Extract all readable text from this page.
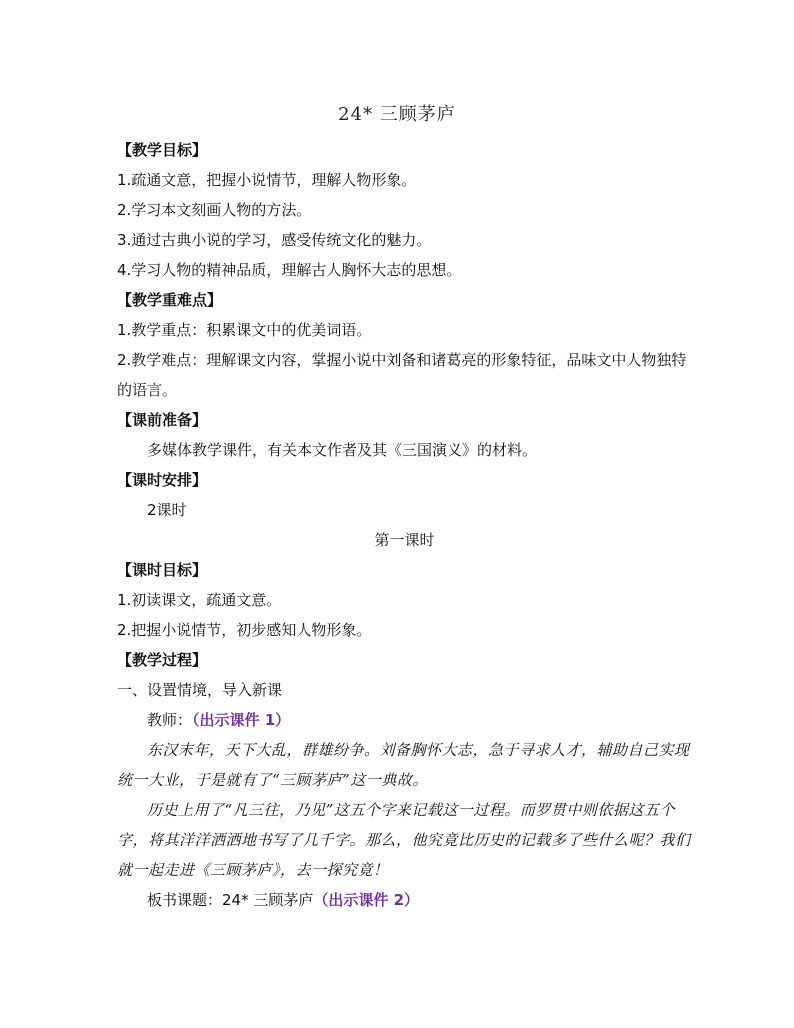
24* 三顾茅庐
【教学目标】
1.疏通文意，把握小说情节，理解人物形象。
2.学习本文刻画人物的方法。
3.通过古典小说的学习，感受传统文化的魅力。
4.学习人物的精神品质，理解古人胸怀大志的思想。
【教学重难点】
1.教学重点：积累课文中的优美词语。
2.教学难点：理解课文内容，掌握小说中刘备和诸葛亮的形象特征，品味文中人物独特的语言。
【课前准备】
多媒体教学课件，有关本文作者及其《三国演义》的材料。
【课时安排】
2课时
第一课时
【课时目标】
1.初读课文，疏通文意。
2.把握小说情节，初步感知人物形象。
【教学过程】
一、设置情境，导入新课
教师：（出示课件 1）
东汉末年，天下大乱，群雄纷争。刘备胸怀大志，急于寻求人才，辅助自己实现统一大业，于是就有了“三顾茅庐”这一典故。
历史上用了“凡三往，乃见”这五个字来记载这一过程。而罗贯中则依据这五个字，将其洋洋洒洒地书写了几千字。那么，他究竟比历史的记载多了些什么呢？我们就一起走进《三顾茅庐》，去一探究竟！
板书课题：24* 三顾茅庐（出示课件 2）
